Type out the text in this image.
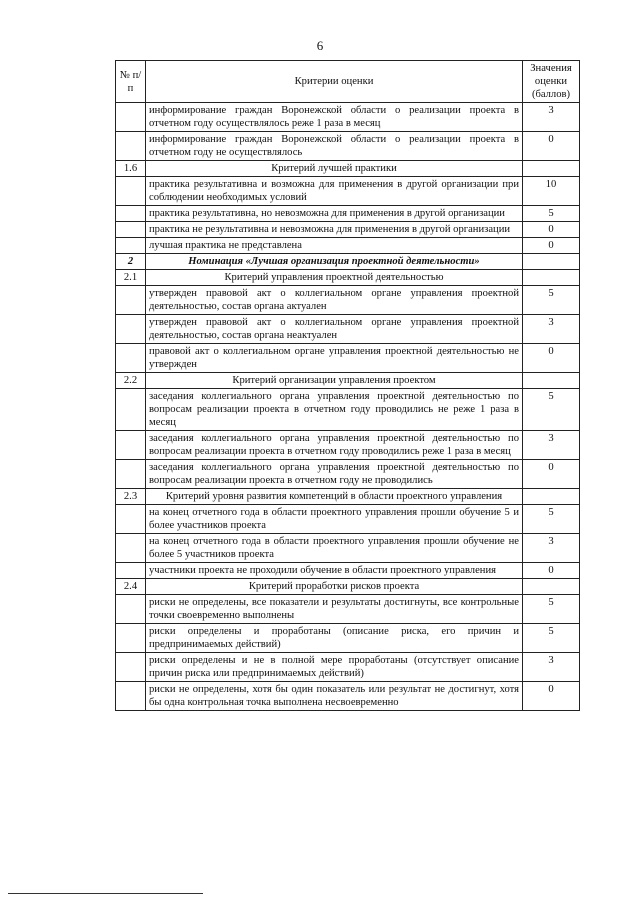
6
№ п/п	Критерии оценки	Значения оценки (баллов)
	информирование граждан Воронежской области о реализации проекта в отчетном году осуществлялось реже 1 раза в месяц	3
	информирование граждан Воронежской области о реализации проекта в отчетном году не осуществлялось	0
1.6	Критерий лучшей практики	
	практика результативна и возможна для применения в другой организации при соблюдении необходимых условий	10
	практика результативна, но невозможна для применения в другой организации	5
	практика не результативна и невозможна для применения в другой организации	0
	лучшая практика не представлена	0
2	Номинация «Лучшая организация проектной деятельности»	
2.1	Критерий управления проектной деятельностью	
	утвержден правовой акт о коллегиальном органе управления проектной деятельностью, состав органа актуален	5
	утвержден правовой акт о коллегиальном органе управления проектной деятельностью, состав органа неактуален	3
	правовой акт о коллегиальном органе управления проектной деятельностью не утвержден	0
2.2	Критерий организации управления проектом	
	заседания коллегиального органа управления проектной деятельностью по вопросам реализации проекта в отчетном году проводились не реже 1 раза в месяц	5
	заседания коллегиального органа управления проектной деятельностью по вопросам реализации проекта в отчетном году проводились реже 1 раза в месяц	3
	заседания коллегиального органа управления проектной деятельностью по вопросам реализации проекта в отчетном году не проводились	0
2.3	Критерий уровня развития компетенций в области проектного управления	
	на конец отчетного года в области проектного управления прошли обучение 5 и более участников проекта	5
	на конец отчетного года в области проектного управления прошли обучение не более 5 участников проекта	3
	участники проекта не проходили обучение в области проектного управления	0
2.4	Критерий проработки рисков проекта	
	риски не определены, все показатели и результаты достигнуты, все контрольные точки своевременно выполнены	5
	риски определены и проработаны (описание риска, его причин и предпринимаемых действий)	5
	риски определены и не в полной мере проработаны (отсутствует описание причин риска или предпринимаемых действий)	3
	риски не определены, хотя бы один показатель или результат не достигнут, хотя бы одна контрольная точка выполнена несвоевременно	0
